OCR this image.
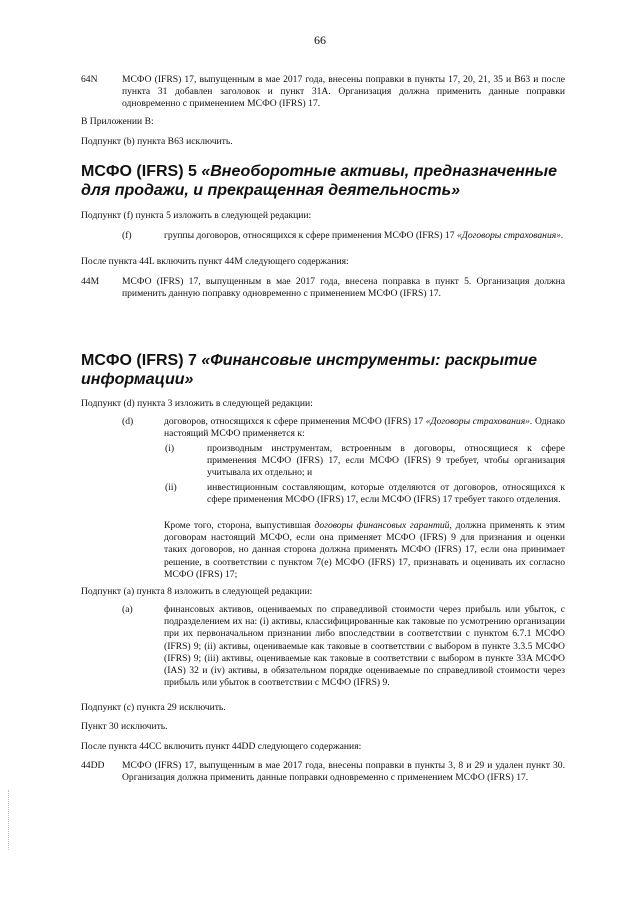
66
64N	МСФО (IFRS) 17, выпущенным в мае 2017 года, внесены поправки в пункты 17, 20, 21, 35 и B63 и после пункта 31 добавлен заголовок и пункт 31A. Организация должна применить данные поправки одновременно с применением МСФО (IFRS) 17.
В Приложении В:
Подпункт (b) пункта B63 исключить.
МСФО (IFRS) 5 «Внеоборотные активы, предназначенные для продажи, и прекращенная деятельность»
Подпункт (f) пункта 5 изложить в следующей редакции:
(f)	группы договоров, относящихся к сфере применения МСФО (IFRS) 17 «Договоры страхования».
После пункта 44L включить пункт 44M следующего содержания:
44M МСФО (IFRS) 17, выпущенным в мае 2017 года, внесена поправка в пункт 5. Организация должна применить данную поправку одновременно с применением МСФО (IFRS) 17.
МСФО (IFRS) 7 «Финансовые инструменты: раскрытие информации»
Подпункт (d) пункта 3 изложить в следующей редакции:
(d)	договоров, относящихся к сфере применения МСФО (IFRS) 17 «Договоры страхования». Однако настоящий МСФО применяется к:
(i)	производным инструментам, встроенным в договоры, относящиеся к сфере применения МСФО (IFRS) 17, если МСФО (IFRS) 9 требует, чтобы организация учитывала их отдельно; и
(ii)	инвестиционным составляющим, которые отделяются от договоров, относящихся к сфере применения МСФО (IFRS) 17, если МСФО (IFRS) 17 требует такого отделения.
Кроме того, сторона, выпустившая договоры финансовых гарантий, должна применять к этим договорам настоящий МСФО, если она применяет МСФО (IFRS) 9 для признания и оценки таких договоров, но данная сторона должна применять МСФО (IFRS) 17, если она принимает решение, в соответствии с пунктом 7(е) МСФО (IFRS) 17, признавать и оценивать их согласно МСФО (IFRS) 17;
Подпункт (a) пункта 8 изложить в следующей редакции:
(a)	финансовых активов, оцениваемых по справедливой стоимости через прибыль или убыток, с подразделением их на: (i) активы, классифицированные как таковые по усмотрению организации при их первоначальном признании либо впоследствии в соответствии с пунктом 6.7.1 МСФО (IFRS) 9; (ii) активы, оцениваемые как таковые в соответствии с выбором в пункте 3.3.5 МСФО (IFRS) 9; (iii) активы, оцениваемые как таковые в соответствии с выбором в пункте 33A МСФО (IAS) 32 и (iv) активы, в обязательном порядке оцениваемые по справедливой стоимости через прибыль или убыток в соответствии с МСФО (IFRS) 9.
Подпункт (c) пункта 29 исключить.
Пункт 30 исключить.
После пункта 44CC включить пункт 44DD следующего содержания:
44DD МСФО (IFRS) 17, выпущенным в мае 2017 года, внесены поправки в пункты 3, 8 и 29 и удален пункт 30. Организация должна применить данные поправки одновременно с применением МСФО (IFRS) 17.
